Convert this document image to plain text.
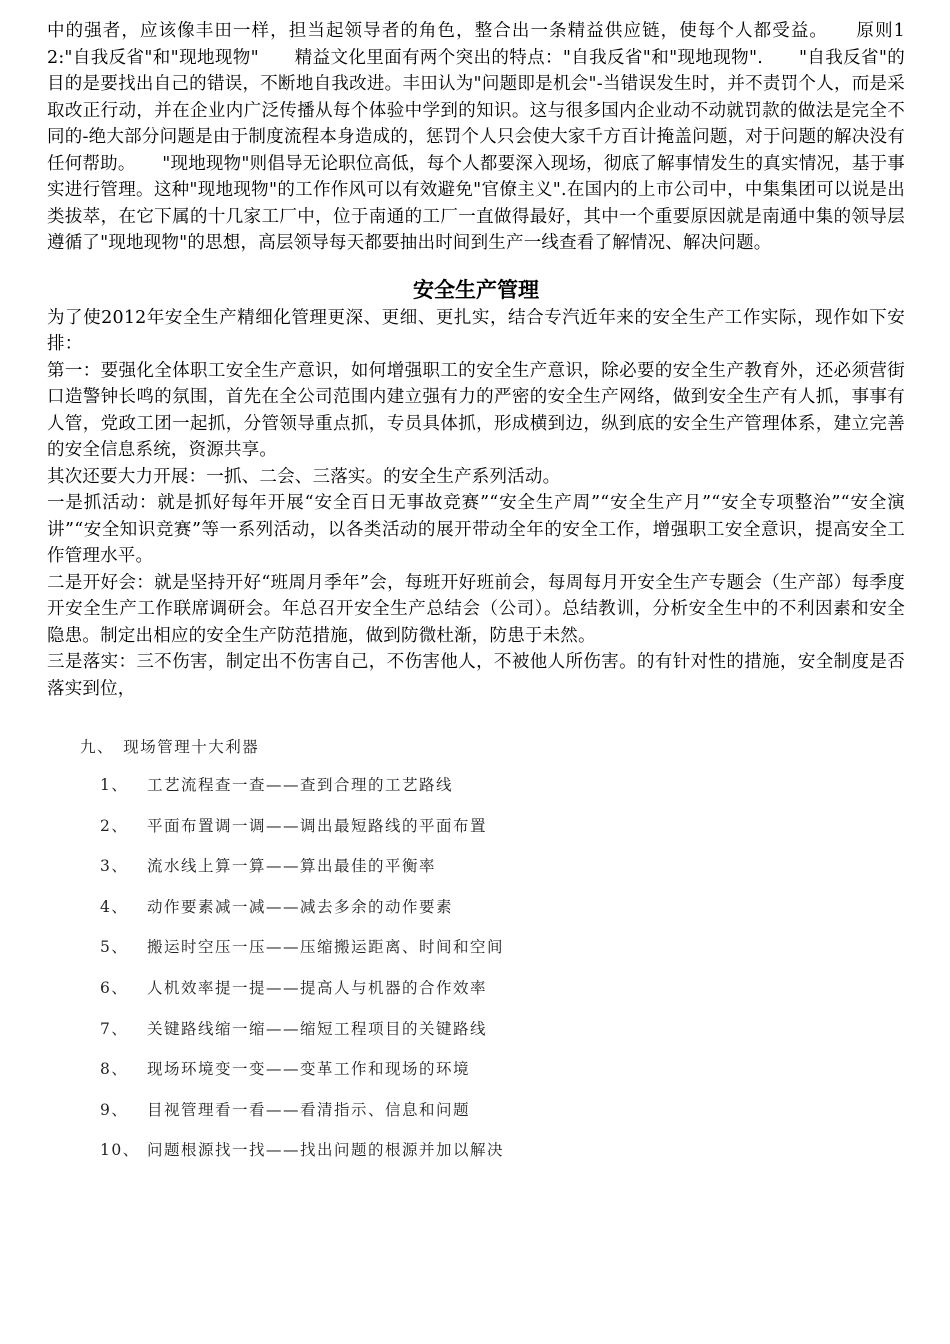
中的强者，应该像丰田一样，担当起领导者的角色，整合出一条精益供应链，使每个人都受益。　　原则12:"自我反省"和"现地现物"　　精益文化里面有两个突出的特点："自我反省"和"现地现物".　　"自我反省"的目的是要找出自己的错误，不断地自我改进。丰田认为"问题即是机会"-当错误发生时，并不责罚个人，而是采取改正行动，并在企业内广泛传播从每个体验中学到的知识。这与很多国内企业动不动就罚款的做法是完全不同的-绝大部分问题是由于制度流程本身造成的，惩罚个人只会使大家千方百计掩盖问题，对于问题的解决没有任何帮助。　　"现地现物"则倡导无论职位高低，每个人都要深入现场，彻底了解事情发生的真实情况，基于事实进行管理。这种"现地现物"的工作作风可以有效避免"官僚主义".在国内的上市公司中，中集集团可以说是出类拔萃，在它下属的十几家工厂中，位于南通的工厂一直做得最好，其中一个重要原因就是南通中集的领导层遵循了"现地现物"的思想，高层领导每天都要抽出时间到生产一线查看了解情况、解决问题。

安全生产管理

为了使2012年安全生产精细化管理更深、更细、更扎实，结合专汽近年来的安全生产工作实际，现作如下安排：

第一：要强化全体职工安全生产意识，如何增强职工的安全生产意识，除必要的安全生产教育外，还必须营街口造警钟长鸣的氛围，首先在全公司范围内建立强有力的严密的安全生产网络，做到安全生产有人抓，事事有人管，党政工团一起抓，分管领导重点抓，专员具体抓，形成横到边，纵到底的安全生产管理体系，建立完善的安全信息系统，资源共享。

其次还要大力开展：一抓、二会、三落实。的安全生产系列活动。

一是抓活动：就是抓好每年开展“安全百日无事故竞赛”“安全生产周”“安全生产月”“安全专项整治”“安全演讲”“安全知识竞赛”等一系列活动，以各类活动的展开带动全年的安全工作，增强职工安全意识，提高安全工作管理水平。

二是开好会：就是坚持开好“班周月季年”会，每班开好班前会，每周每月开安全生产专题会（生产部）每季度开安全生产工作联席调研会。年总召开安全生产总结会（公司）。总结教训，分析安全生中的不利因素和安全隐患。制定出相应的安全生产防范措施，做到防微杜渐，防患于未然。

三是落实：三不伤害，制定出不伤害自己，不伤害他人，不被他人所伤害。的有针对性的措施，安全制度是否落实到位，

九、　现场管理十大利器
1、 工艺流程查一查——查到合理的工艺路线
2、 平面布置调一调——调出最短路线的平面布置
3、 流水线上算一算——算出最佳的平衡率
4、 动作要素减一减——减去多余的动作要素
5、 搬运时空压一压——压缩搬运距离、时间和空间
6、 人机效率提一提——提高人与机器的合作效率
7、 关键路线缩一缩——缩短工程项目的关键路线
8、 现场环境变一变——变革工作和现场的环境
9、 目视管理看一看——看清指示、信息和问题
10、 问题根源找一找——找出问题的根源并加以解决
